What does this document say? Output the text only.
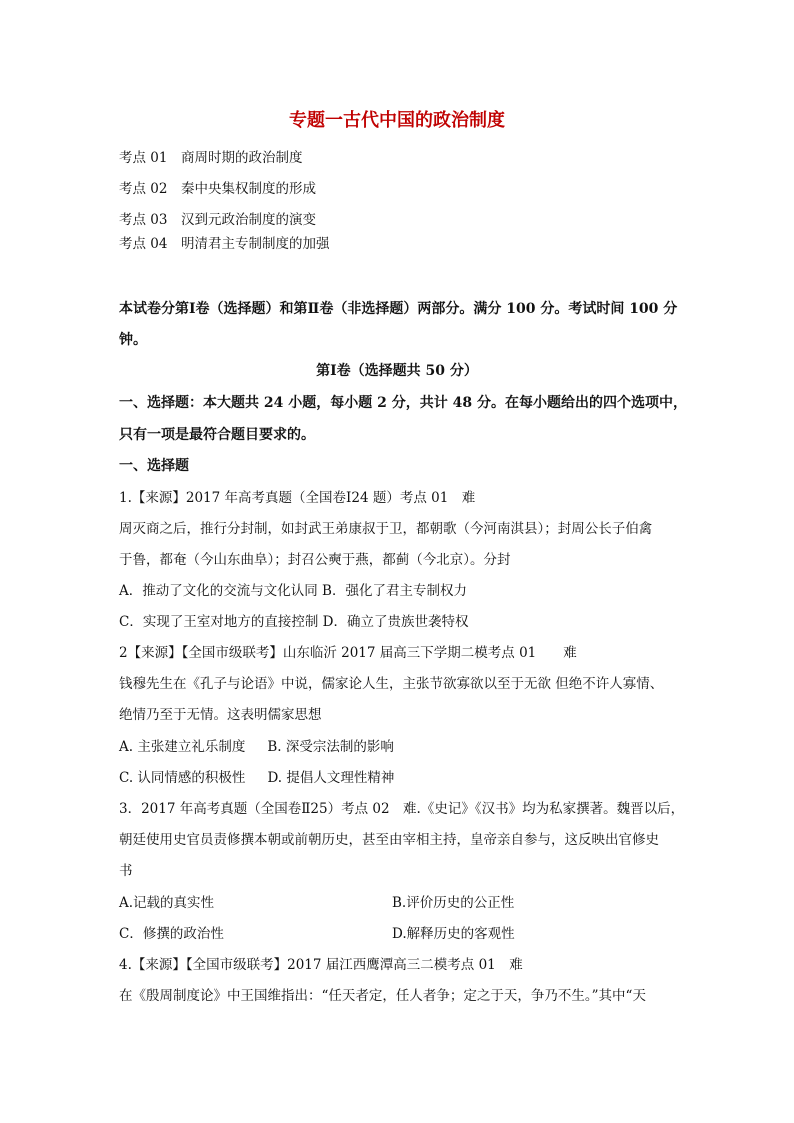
专题一古代中国的政治制度
考点 01　商周时期的政治制度
考点 02　秦中央集权制度的形成
考点 03　汉到元政治制度的演变
考点 04　明清君主专制制度的加强
本试卷分第Ⅰ卷（选择题）和第Ⅱ卷（非选择题）两部分。满分 100 分。考试时间 100 分
钟。
第Ⅰ卷（选择题共 50 分）
一、选择题：本大题共 24 小题，每小题 2 分，共计 48 分。在每小题给出的四个选项中，
只有一项是最符合题目要求的。
一、选择题
1.【来源】2017 年高考真题（全国卷Ⅰ24 题）考点 01　难
周灭商之后，推行分封制，如封武王弟康叔于卫，都朝歌（今河南淇县）；封周公长子伯禽
于鲁，都奄（今山东曲阜）；封召公奭于燕，都蓟（今北京）。分封
A．推动了文化的交流与文化认同 B．强化了君主专制权力
C．实现了王室对地方的直接控制 D．确立了贵族世袭特权
2【来源】【全国市级联考】山东临沂 2017 届高三下学期二模考点 01　　难
钱穆先生在《孔子与论语》中说，儒家论人生，主张节欲寡欲以至于无欲 但绝不许人寡情、
绝情乃至于无情。这表明儒家思想
A. 主张建立礼乐制度 B. 深受宗法制的影响
C. 认同情感的积极性 D. 提倡人文理性精神
3．2017 年高考真题（全国卷Ⅱ25）考点 02　难.《史记》《汉书》均为私家撰著。魏晋以后，
朝廷使用史官员责修撰本朝或前朝历史，甚至由宰相主持，皇帝亲自参与，这反映出官修史
书
A.记载的真实性	B.评价历史的公正性
C．修撰的政治性	D.解释历史的客观性
4.【来源】【全国市级联考】2017 届江西鹰潭高三二模考点 01　难
在《殷周制度论》中王国维指出：“任天者定，任人者争；定之于天，争乃不生。”其中“天
